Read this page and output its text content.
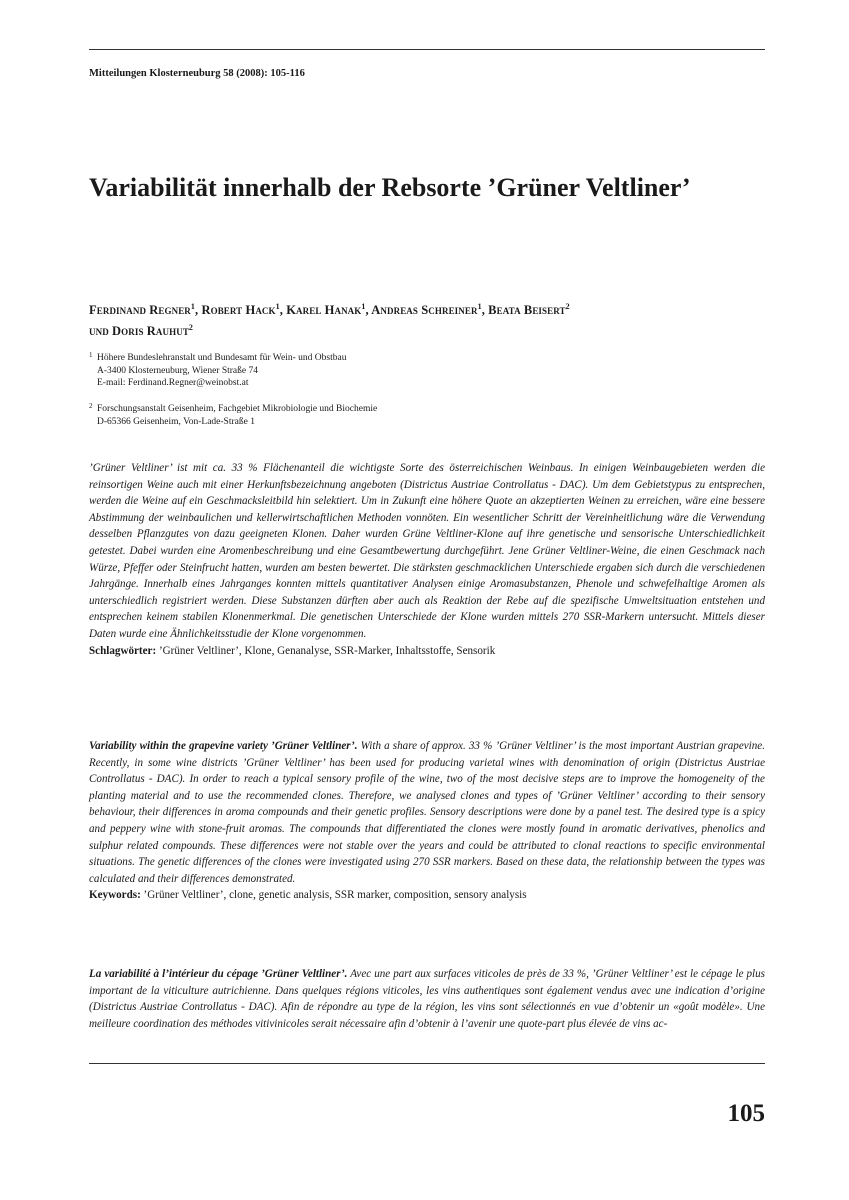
Mitteilungen Klosterneuburg 58 (2008): 105-116
Variabilität innerhalb der Rebsorte ’Grüner Veltliner’
Ferdinand Regner$^1$, Robert Hack$^1$, Karel Hanak$^1$, Andreas Schreiner$^1$, Beata Beisert$^2$
und Doris Rauhut$^2$
1 Höhere Bundeslehranstalt und Bundesamt für Wein- und Obstbau
A-3400 Klosterneuburg, Wiener Straße 74
E-mail: Ferdinand.Regner@weinobst.at
2 Forschungsanstalt Geisenheim, Fachgebiet Mikrobiologie und Biochemie
D-65366 Geisenheim, Von-Lade-Straße 1

’Grüner Veltliner’ ist mit ca. 33 % Flächenanteil die wichtigste Sorte des österreichischen Weinbaus. In einigen Weinbaugebieten werden die reinsortigen Weine auch mit einer Herkunftsbezeichnung angeboten (Districtus Austriae Controllatus - DAC). Um dem Gebietstypus zu entsprechen, werden die Weine auf ein Geschmacksleitbild hin selektiert. Um in Zukunft eine höhere Quote an akzeptierten Weinen zu erreichen, wäre eine bessere Abstimmung der weinbaulichen und kellerwirtschaftlichen Methoden vonnöten. Ein wesentlicher Schritt der Vereinheitlichung wäre die Verwendung desselben Pflanzgutes von dazu geeigneten Klonen. Daher wurden Grüne Veltliner-Klone auf ihre genetische und sensorische Unterschiedlichkeit getestet. Dabei wurden eine Aromenbeschreibung und eine Gesamtbewertung durchgeführt. Jene Grüner Veltliner-Weine, die einen Geschmack nach Würze, Pfeffer oder Steinfrucht hatten, wurden am besten bewertet. Die stärksten geschmacklichen Unterschiede ergaben sich durch die verschiedenen Jahrgänge. Innerhalb eines Jahrganges konnten mittels quantitativer Analysen einige Aromasubstanzen, Phenole und schwefelhaltige Aromen als unterschiedlich registriert werden. Diese Substanzen dürften aber auch als Reaktion der Rebe auf die spezifische Umweltsituation entstehen und entsprechen keinem stabilen Klonenmerkmal. Die genetischen Unterschiede der Klone wurden mittels 270 SSR-Markern untersucht. Mittels dieser Daten wurde eine Ähnlichkeitsstudie der Klone vorgenommen.

Schlagwörter: ’Grüner Veltliner’, Klone, Genanalyse, SSR-Marker, Inhaltsstoffe, Sensorik

Variability within the grapevine variety ’Grüner Veltliner’. With a share of approx. 33 % ’Grüner Veltliner’ is the most important Austrian grapevine. Recently, in some wine districts ’Grüner Veltliner’ has been used for producing varietal wines with denomination of origin (Districtus Austriae Controllatus - DAC). In order to reach a typical sensory profile of the wine, two of the most decisive steps are to improve the homogeneity of the planting material and to use the recommended clones. Therefore, we analysed clones and types of ’Grüner Veltliner’ according to their sensory behaviour, their differences in aroma compounds and their genetic profiles. Sensory descriptions were done by a panel test. The desired type is a spicy and peppery wine with stone-fruit aromas. The compounds that differentiated the clones were mostly found in aromatic derivatives, phenolics and sulphur related compounds. These differences were not stable over the years and could be attributed to clonal reactions to specific environmental situations. The genetic differences of the clones were investigated using 270 SSR markers. Based on these data, the relationship between the types was calculated and their differences demonstrated.

Keywords: ’Grüner Veltliner’, clone, genetic analysis, SSR marker, composition, sensory analysis

La variabilité à l’intérieur du cépage ’Grüner Veltliner’. Avec une part aux surfaces viticoles de près de 33 %, ’Grüner Veltliner’ est le cépage le plus important de la viticulture autrichienne. Dans quelques régions viticoles, les vins authentiques sont également vendus avec une indication d’origine (Districtus Austriae Controllatus - DAC). Afin de répondre au type de la région, les vins sont sélectionnés en vue d’obtenir un «goût modèle». Une meilleure coordination des méthodes vitivinicoles serait nécessaire afin d’obtenir à l’avenir une quote-part plus élevée de vins ac-

105
